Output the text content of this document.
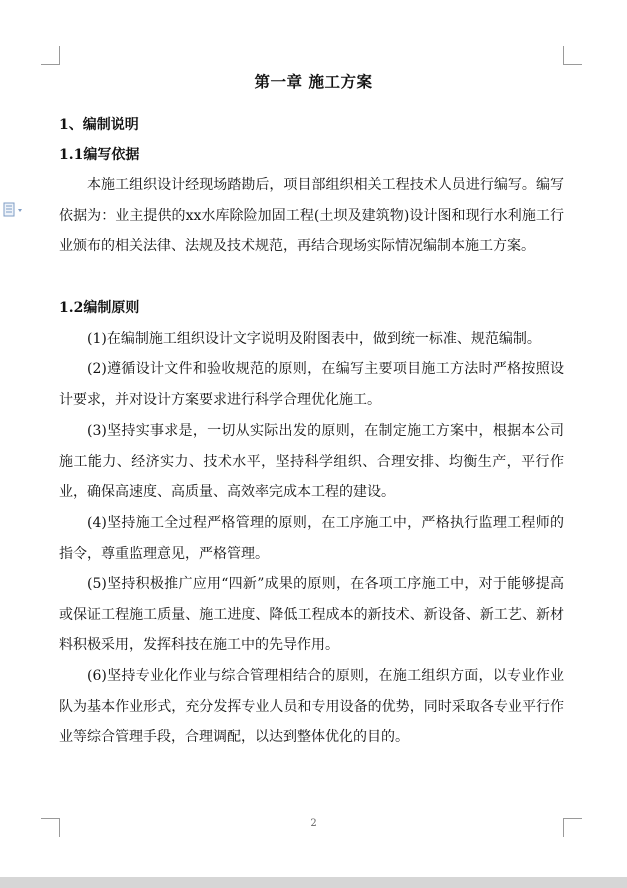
第一章 施工方案
1、编制说明
1.1编写依据

本施工组织设计经现场踏勘后，项目部组织相关工程技术人员进行编写。编写依据为：业主提供的xx水库除险加固工程(土坝及建筑物)设计图和现行水利施工行业颁布的相关法律、法规及技术规范，再结合现场实际情况编制本施工方案。

1.2编制原则

(1)在编制施工组织设计文字说明及附图表中，做到统一标准、规范编制。

(2)遵循设计文件和验收规范的原则，在编写主要项目施工方法时严格按照设计要求，并对设计方案要求进行科学合理优化施工。

(3)坚持实事求是，一切从实际出发的原则，在制定施工方案中，根据本公司施工能力、经济实力、技术水平，坚持科学组织、合理安排、均衡生产，平行作业，确保高速度、高质量、高效率完成本工程的建设。

(4)坚持施工全过程严格管理的原则，在工序施工中，严格执行监理工程师的指令，尊重监理意见，严格管理。

(5)坚持积极推广应用“四新”成果的原则，在各项工序施工中，对于能够提高或保证工程施工质量、施工进度、降低工程成本的新技术、新设备、新工艺、新材料积极采用，发挥科技在施工中的先导作用。

(6)坚持专业化作业与综合管理相结合的原则，在施工组织方面，以专业作业队为基本作业形式，充分发挥专业人员和专用设备的优势，同时采取各专业平行作业等综合管理手段，合理调配，以达到整体优化的目的。

2
